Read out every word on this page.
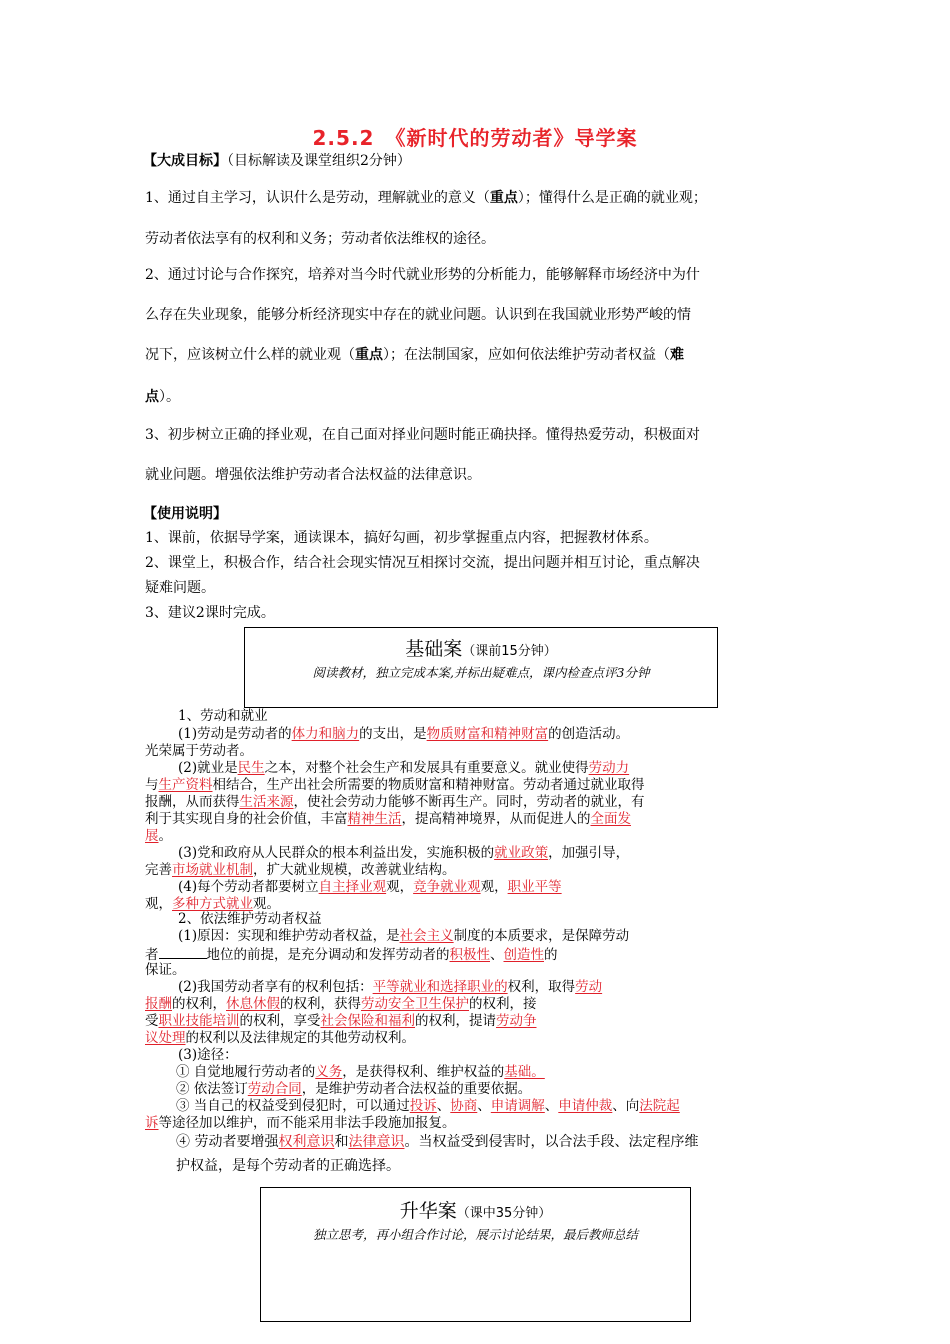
2.5.2　《新时代的劳动者》导学案
【大成目标】（目标解读及课堂组织2分钟）
1、通过自主学习，认识什么是劳动，理解就业的意义（重点）；懂得什么是正确的就业观；
劳动者依法享有的权利和义务；劳动者依法维权的途径。
2、通过讨论与合作探究，培养对当今时代就业形势的分析能力，能够解释市场经济中为什
么存在失业现象，能够分析经济现实中存在的就业问题。认识到在我国就业形势严峻的情
况下，应该树立什么样的就业观（重点）；在法制国家，应如何依法维护劳动者权益（难
点）。
3、初步树立正确的择业观，在自己面对择业问题时能正确抉择。懂得热爱劳动，积极面对
就业问题。增强依法维护劳动者合法权益的法律意识。
【使用说明】
1、课前，依据导学案，通读课本，搞好勾画，初步掌握重点内容，把握教材体系。
2、课堂上，积极合作，结合社会现实情况互相探讨交流，提出问题并相互讨论，重点解决
疑难问题。
3、建议2课时完成。
基础案（课前15分钟）
阅读教材，独立完成本案,并标出疑难点，课内检查点评3分钟
1、劳动和就业
(1)劳动是劳动者的体力和脑力的支出，是物质财富和精神财富的创造活动。
光荣属于劳动者。
(2)就业是民生之本，对整个社会生产和发展具有重要意义。就业使得劳动力
与生产资料相结合，生产出社会所需要的物质财富和精神财富。劳动者通过就业取得
报酬，从而获得生活来源，使社会劳动力能够不断再生产。同时，劳动者的就业，有
利于其实现自身的社会价值，丰富精神生活，提高精神境界，从而促进人的全面发
展。
(3)党和政府从人民群众的根本利益出发，实施积极的就业政策，加强引导，
完善市场就业机制，扩大就业规模，改善就业结构。
(4)每个劳动者都要树立自主择业观观，竞争就业观观，职业平等
观，多种方式就业观。
2、依法维护劳动者权益
(1)原因：实现和维护劳动者权益，是社会主义制度的本质要求，是保障劳动
者	地位的前提，是充分调动和发挥劳动者的积极性、创造性的
保证。
(2)我国劳动者享有的权利包括：平等就业和选择职业的权利，取得劳动
报酬的权利，休息休假的权利，获得劳动安全卫生保护的权利，接
受职业技能培训的权利，享受社会保险和福利的权利，提请劳动争
议处理的权利以及法律规定的其他劳动权利。
(3)途径：
① 自觉地履行劳动者的义务，是获得权利、维护权益的基础。
② 依法签订劳动合同，是维护劳动者合法权益的重要依据。
③ 当自己的权益受到侵犯时，可以通过投诉、协商、申请调解、申请仲裁、向法院起
诉等途径加以维护，而不能采用非法手段施加报复。
④ 劳动者要增强权利意识和法律意识。当权益受到侵害时，以合法手段、法定程序维
护权益，是每个劳动者的正确选择。
升华案（课中35分钟）
独立思考，再小组合作讨论，展示讨论结果，最后教师总结
